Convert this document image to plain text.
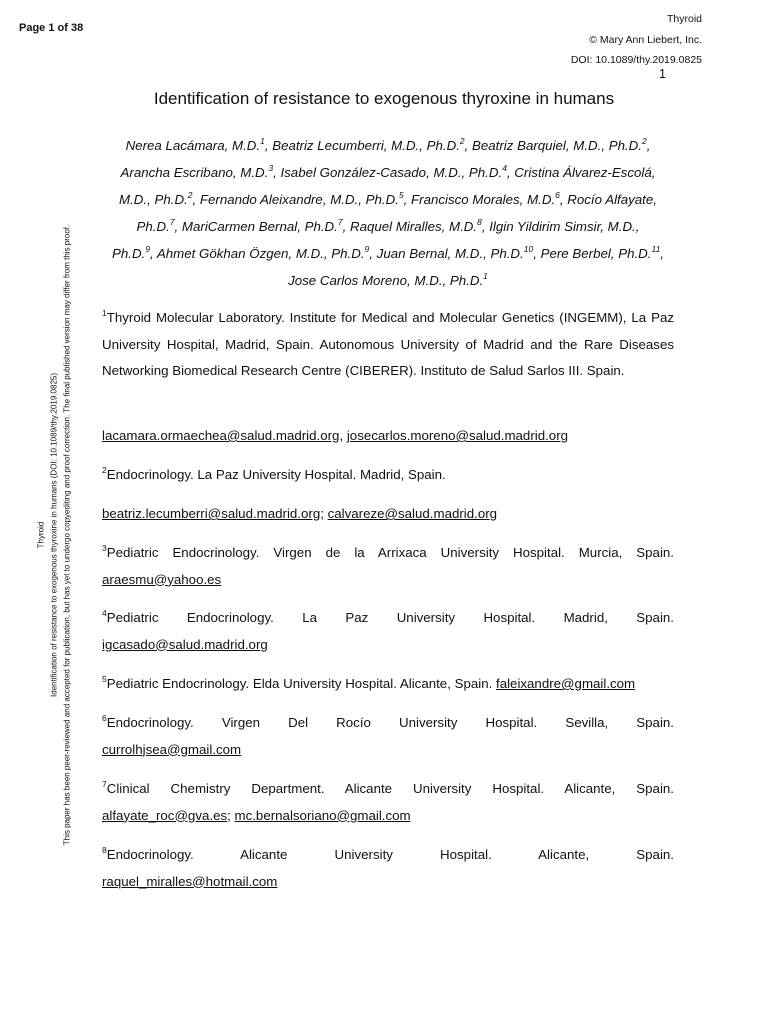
Page 1 of 38
Thyroid
© Mary Ann Liebert, Inc.
DOI: 10.1089/thy.2019.0825
1
Thyroid Identification of resistance to exogenous thyroxine in humans (DOI: 10.1089/thy.2019.0825) This paper has been peer-reviewed and accepted for publication, but has yet to undergo copyediting and proof correction. The final published version may differ from this proof.
Identification of resistance to exogenous thyroxine in humans
Nerea Lacámara, M.D.$^1$, Beatriz Lecumberri, M.D., Ph.D.$^2$, Beatriz Barquiel, M.D., Ph.D.$^2$,
Arancha Escribano, M.D.$^3$, Isabel González-Casado, M.D., Ph.D.$^4$, Cristina Álvarez-Escolá,
M.D., Ph.D.$^2$, Fernando Aleixandre, M.D., Ph.D.$^5$, Francisco Morales, M.D.$^6$, Rocío Alfayate,
Ph.D.$^7$, MariCarmen Bernal, Ph.D.$^7$, Raquel Miralles, M.D.$^8$, Ilgin Yildirim Simsir, M.D.,
Ph.D.$^9$, Ahmet Gökhan Özgen, M.D., Ph.D.$^9$, Juan Bernal, M.D., Ph.D.$^{10}$, Pere Berbel, Ph.D.$^{11}$,
Jose Carlos Moreno, M.D., Ph.D.$^1$
$^1$Thyroid Molecular Laboratory. Institute for Medical and Molecular Genetics (INGEMM), La Paz University Hospital, Madrid, Spain. Autonomous University of Madrid and the Rare Diseases Networking Biomedical Research Centre (CIBERER). Instituto de Salud Sarlos III. Spain.
lacamara.ormaechea@salud.madrid.org, josecarlos.moreno@salud.madrid.org
$^2$Endocrinology. La Paz University Hospital. Madrid, Spain.
beatriz.lecumberri@salud.madrid.org; calvareze@salud.madrid.org
$^3$Pediatric Endocrinology. Virgen de la Arrixaca University Hospital. Murcia, Spain.
araesmu@yahoo.es
$^4$Pediatric Endocrinology. La Paz University Hospital. Madrid, Spain.
igcasado@salud.madrid.org
$^5$Pediatric Endocrinology. Elda University Hospital. Alicante, Spain. faleixandre@gmail.com
$^6$Endocrinology. Virgen Del Rocío University Hospital. Sevilla, Spain.
currolhjsea@gmail.com
$^7$Clinical Chemistry Department. Alicante University Hospital. Alicante, Spain.
alfayate_roc@gva.es; mc.bernalsoriano@gmail.com
$^8$Endocrinology. Alicante University Hospital. Alicante, Spain.
raquel_miralles@hotmail.com
